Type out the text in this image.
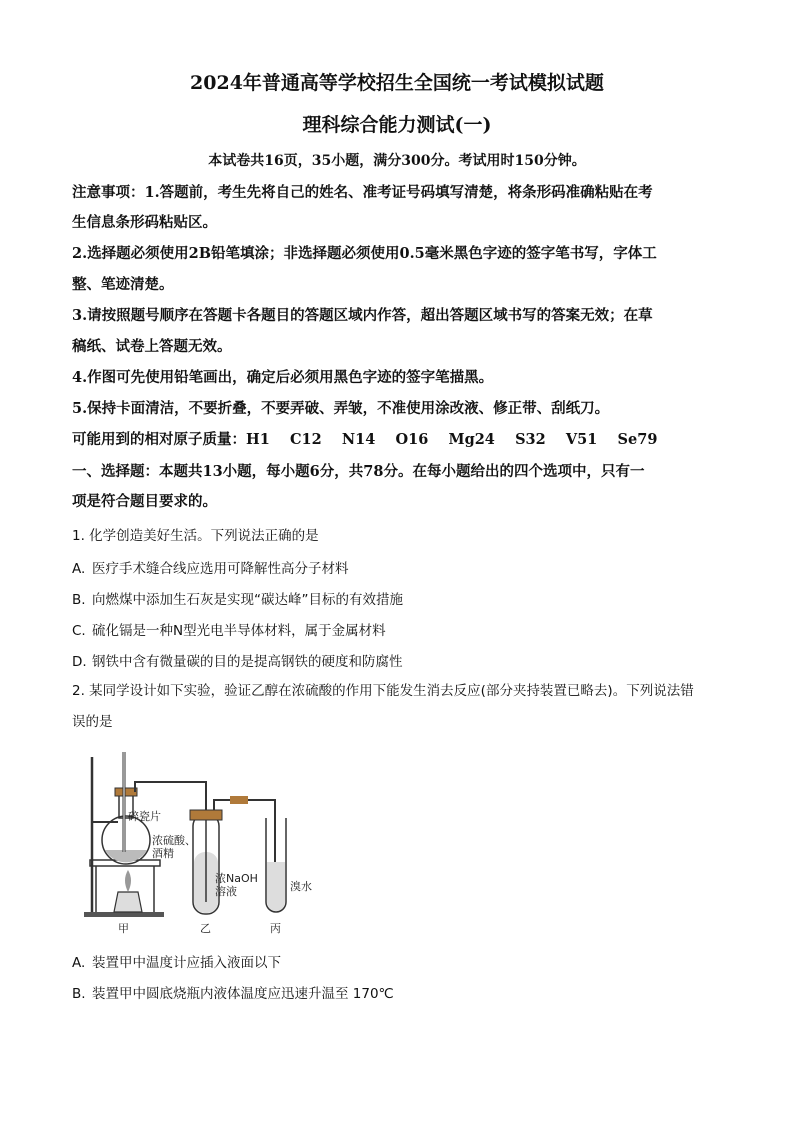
2024年普通高等学校招生全国统一考试模拟试题
理科综合能力测试(一)
本试卷共16页，35小题，满分300分。考试用时150分钟。
注意事项：1.答题前，考生先将自己的姓名、准考证号码填写清楚，将条形码准确粘贴在考
生信息条形码粘贴区。
2.选择题必须使用2B铅笔填涂；非选择题必须使用0.5毫米黑色字迹的签字笔书写，字体工
整、笔迹清楚。
3.请按照题号顺序在答题卡各题目的答题区域内作答，超出答题区域书写的答案无效；在草
稿纸、试卷上答题无效。
4.作图可先使用铅笔画出，确定后必须用黑色字迹的签字笔描黑。
5.保持卡面清洁，不要折叠，不要弄破、弄皱，不准使用涂改液、修正带、刮纸刀。
可能用到的相对原子质量：H1    C12    N14    O16    Mg24    S32    V51    Se79
一、选择题：本题共13小题，每小题6分，共78分。在每小题给出的四个选项中，只有一
项是符合题目要求的。
1. 化学创造美好生活。下列说法正确的是
A. 医疗手术缝合线应选用可降解性高分子材料
B. 向燃煤中添加生石灰是实现“碳达峰”目标的有效措施
C. 硫化镉是一种N型光电半导体材料，属于金属材料
D. 钢铁中含有微量碳的目的是提高钢铁的硬度和防腐性
2. 某同学设计如下实验，验证乙醇在浓硫酸的作用下能发生消去反应(部分夹持装置已略去)。下列说法错
误的是
碎瓷片
浓硫酸、
酒精
浓NaOH
溶液	溴水
甲	乙	丙
A. 装置甲中温度计应插入液面以下
B. 装置甲中圆底烧瓶内液体温度应迅速升温至 170℃
